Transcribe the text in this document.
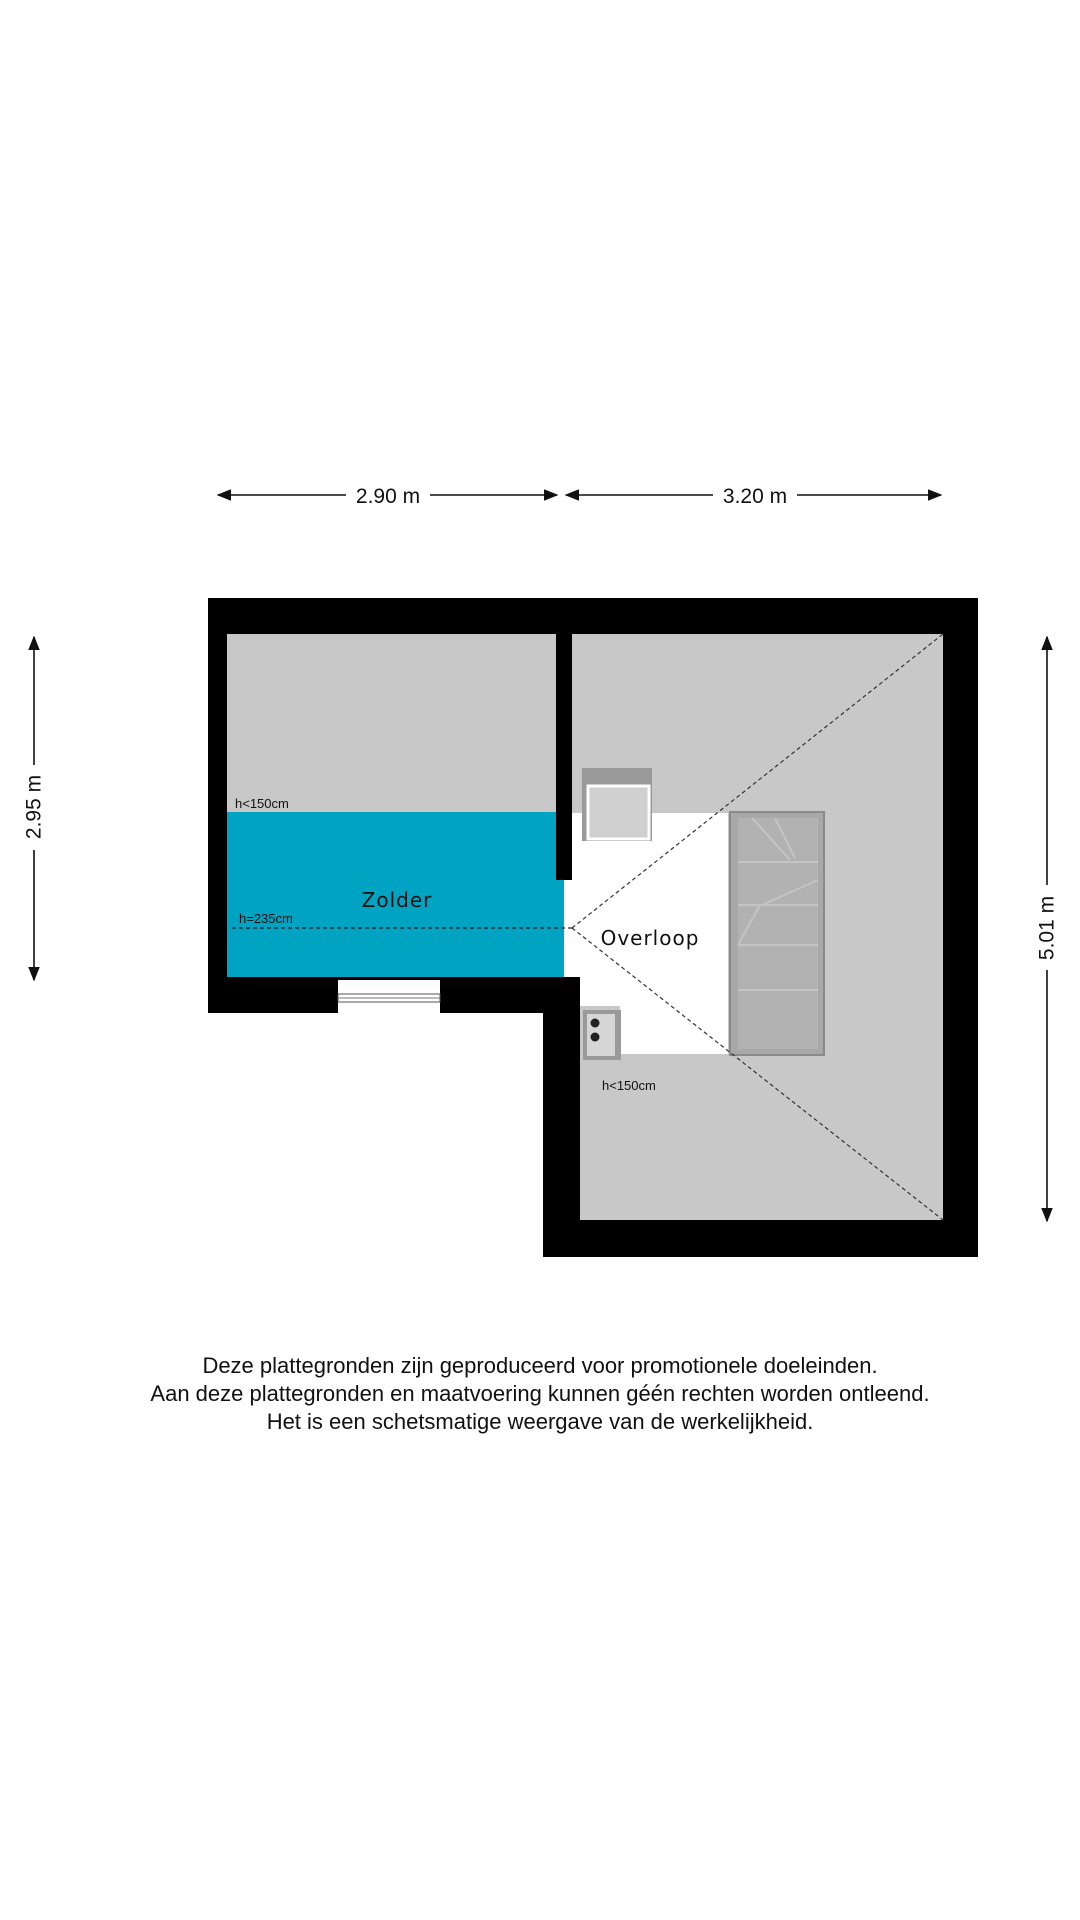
2.90 m	3.20 m
2.95 m
5.01 m
Zolder
Overloop
h<150cm
h=235cm
h<150cm
Deze plattegronden zijn geproduceerd voor promotionele doeleinden.
Aan deze plattegronden en maatvoering kunnen géén rechten worden ontleend.
Het is een schetsmatige weergave van de werkelijkheid.
